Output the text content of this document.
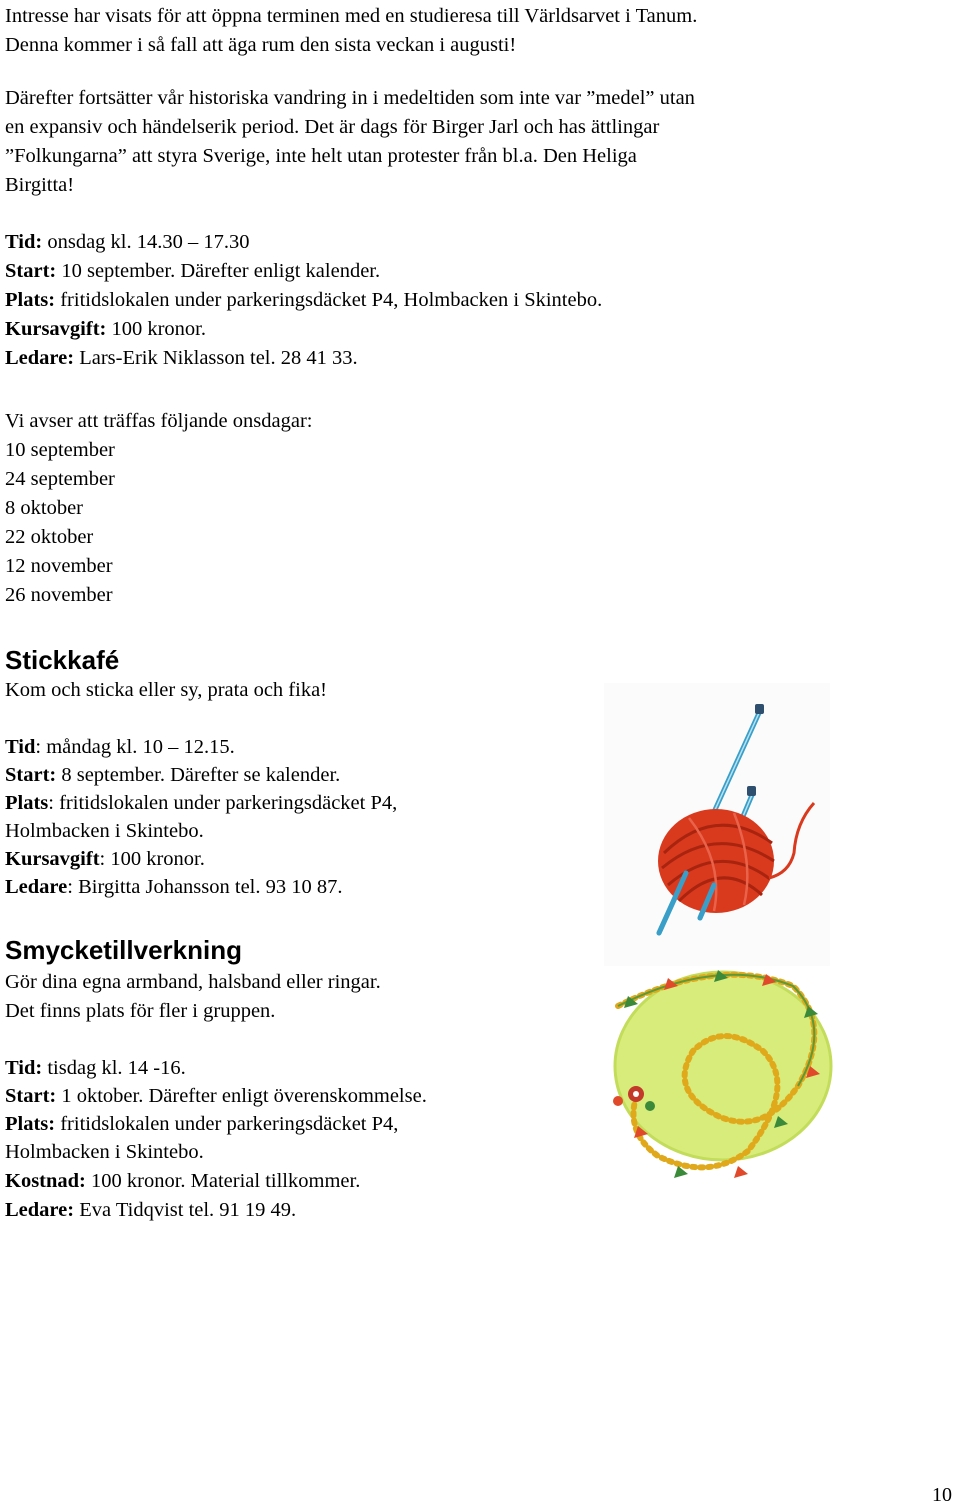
Intresse har visats för att öppna terminen med en studieresa till Världsarvet i Tanum.
Denna kommer i så fall att äga rum den sista veckan i augusti!
Därefter fortsätter vår historiska vandring in i medeltiden som inte var ”medel” utan
en expansiv och händelserik period. Det är dags för Birger Jarl och has ättlingar
”Folkungarna” att styra Sverige, inte helt utan protester från bl.a. Den Heliga
Birgitta!
Tid: onsdag kl. 14.30 – 17.30
Start: 10 september. Därefter enligt kalender.
Plats: fritidslokalen under parkeringsdäcket P4, Holmbacken i Skintebo.
Kursavgift: 100 kronor.
Ledare: Lars-Erik Niklasson tel. 28 41 33.
Vi avser att träffas följande onsdagar:
10 september
24 september
8 oktober
22 oktober
12 november
26 november
Stickkafé
Kom och sticka eller sy, prata och fika!
Tid: måndag kl. 10 – 12.15.
Start: 8 september. Därefter se kalender.
Plats: fritidslokalen under parkeringsdäcket P4,
Holmbacken i Skintebo.
Kursavgift: 100 kronor.
Ledare: Birgitta Johansson tel. 93 10 87.
Smycketillverkning
Gör dina egna armband, halsband eller ringar.
Det finns plats för fler i gruppen.
Tid: tisdag kl. 14 -16.
Start: 1 oktober. Därefter enligt överenskommelse.
Plats: fritidslokalen under parkeringsdäcket P4,
Holmbacken i Skintebo.
Kostnad: 100 kronor. Material tillkommer.
Ledare: Eva Tidqvist tel. 91 19 49.
10
